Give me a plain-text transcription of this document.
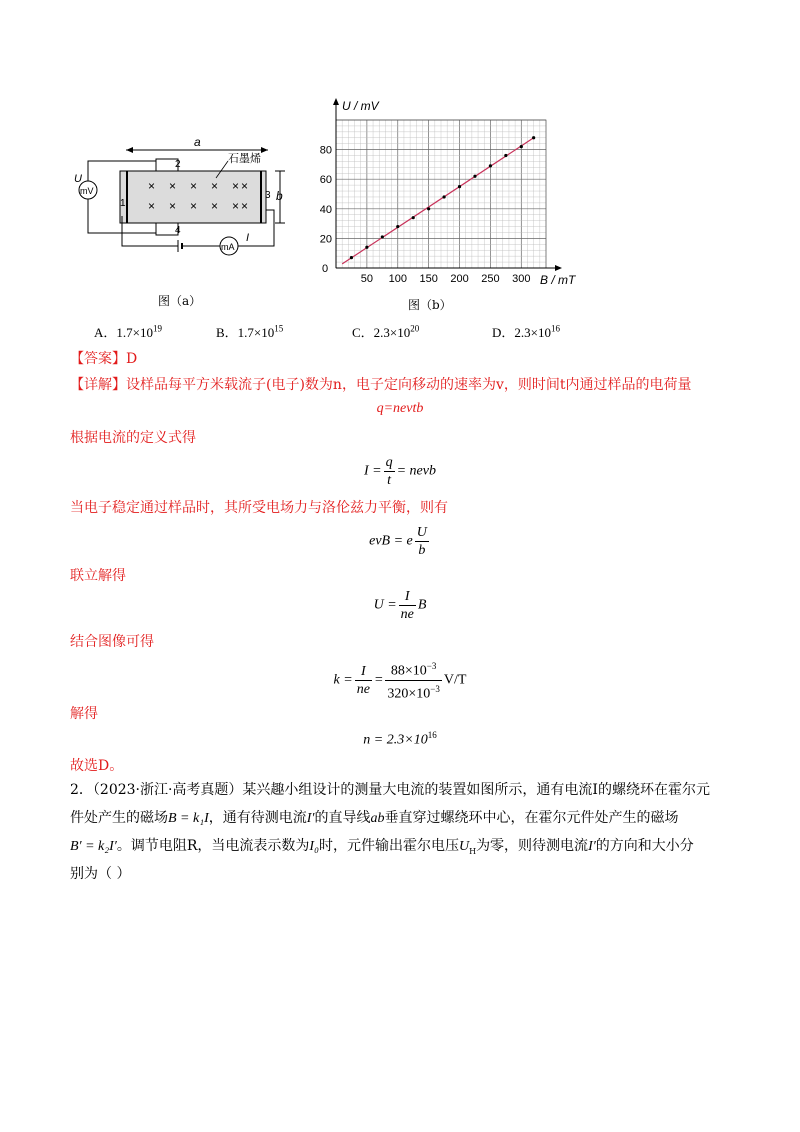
a
2
4
1
3
× × × × × ×
× × × × × ×
石墨烯
b
mV
U
mA
I
图（a）
U / mV
B / mT
0
50 100 150 200 250 300
20
40
60
80
图（b）
A．$1.7\times 10^{19}$	B．$1.7\times 10^{15}$	C．$2.3\times 10^{20}$	D．$2.3\times 10^{16}$
【答案】D
【详解】设样品每平方米载流子(电子)数为n，电子定向移动的速率为v，则时间t内通过样品的电荷量
q=nevtb
根据电流的定义式得
$I = \frac{q}{t}$ = nevb
当电子稳定通过样品时，其所受电场力与洛伦兹力平衡，则有
evB = e $\frac{U}{b}$
联立解得
$U = \frac{I}{ne}$ B
结合图像可得
$k = \frac{I}{ne} = \frac{88\times 10^{-3}}{320\times 10^{-3}} V/T$
解得
$n = 2.3\times 10^{16}$
故选D。
2．（2023·浙江·高考真题）某兴趣小组设计的测量大电流的装置如图所示，通有电流I的螺绕环在霍尔元
件处产生的磁场B = k₁I，通有待测电流I′的直导线ab垂直穿过螺绕环中心，在霍尔元件处产生的磁场
B′ = k₂I′。调节电阻R，当电流表示数为I₀时，元件输出霍尔电压$U_H$为零，则待测电流I′的方向和大小分
别为（ ）
